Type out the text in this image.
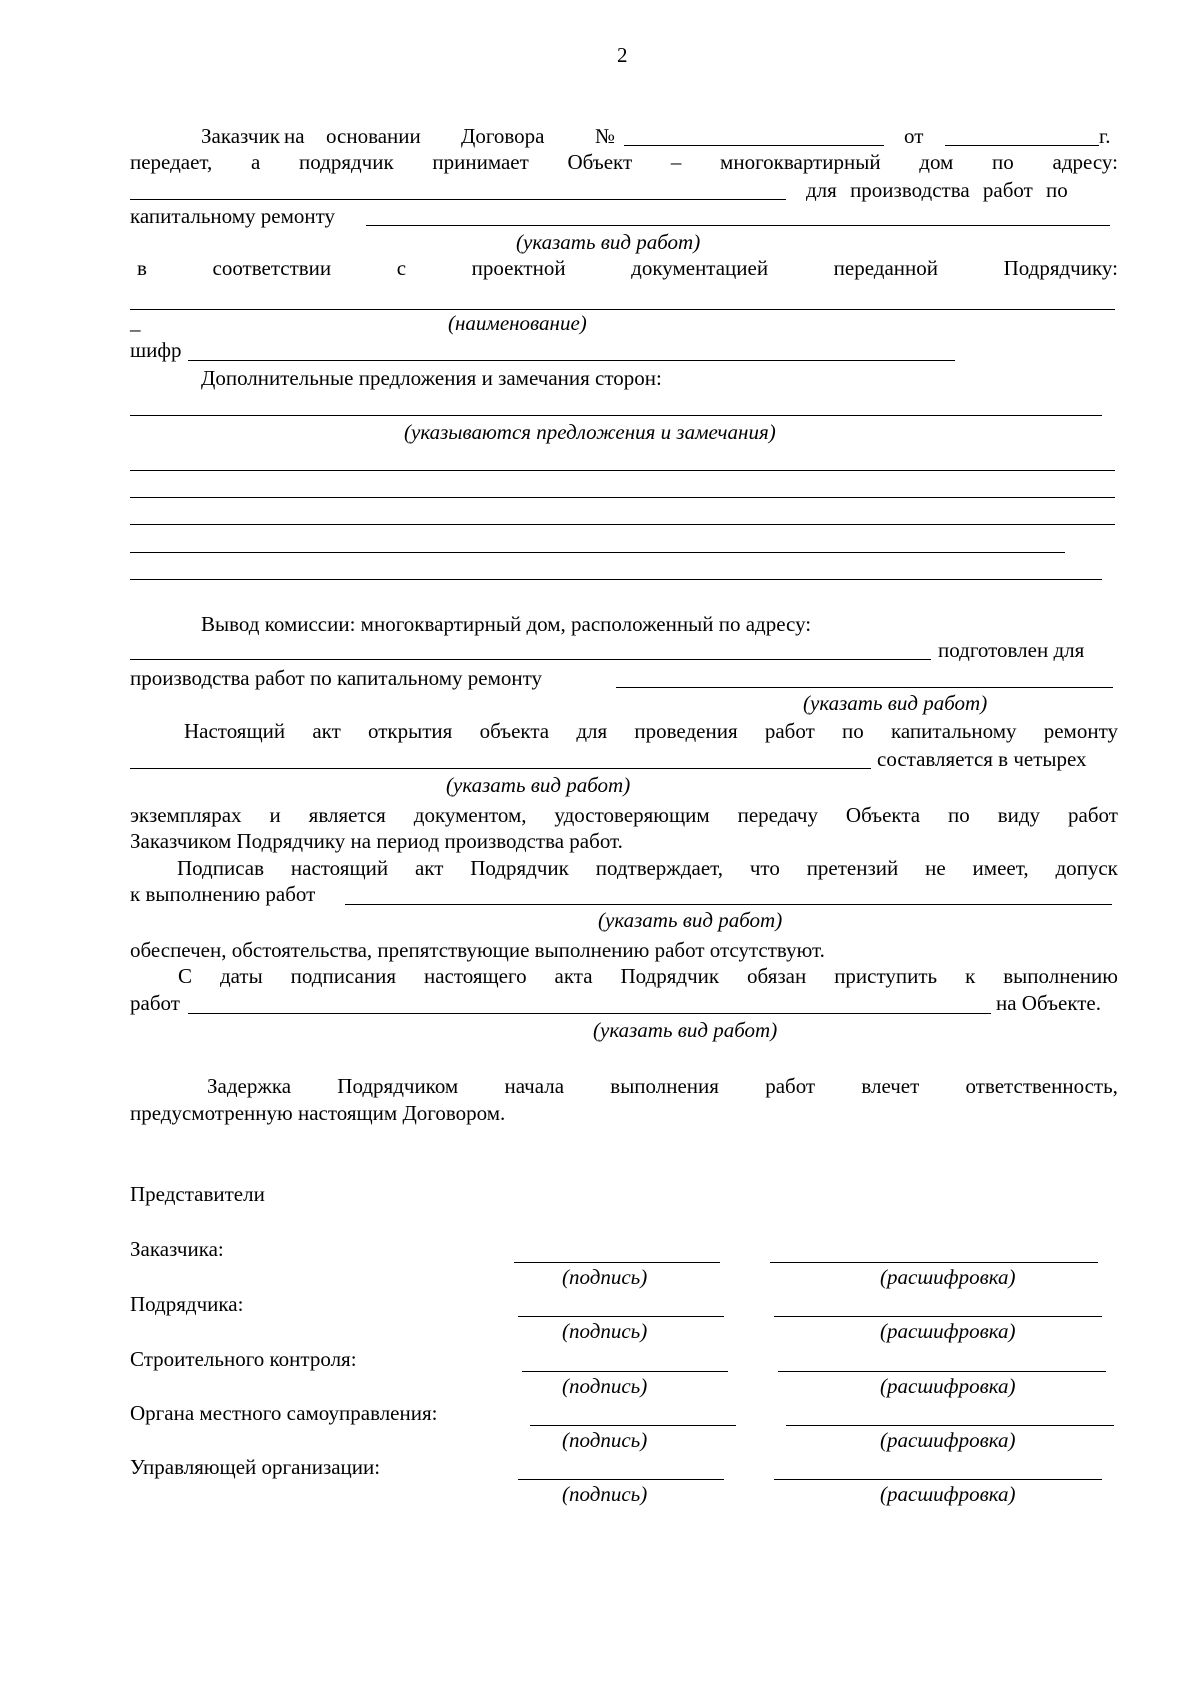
2
Заказчик на основании Договора №	от	г.
передает, а подрядчик принимает Объект – многоквартирный дом по адресу:
для производства работ по
капитальному ремонту
(указать вид работ)
в	соответствии	с	проектной	документацией	переданной	Подрядчику:
_	(наименование)
шифр
Дополнительные предложения и замечания сторон:
(указываются предложения и замечания)
Вывод комиссии: многоквартирный дом, расположенный по адресу:
подготовлен для
производства работ по капитальному ремонту
(указать вид работ)
Настоящий акт открытия объекта для проведения работ по капитальному ремонту
составляется в четырех
(указать вид работ)
экземплярах и является документом, удостоверяющим передачу Объекта по виду работ
Заказчиком Подрядчику на период производства работ.
Подписав настоящий акт Подрядчик подтверждает, что претензий не имеет, допуск
к выполнению работ
(указать вид работ)
обеспечен, обстоятельства, препятствующие выполнению работ отсутствуют.
С даты подписания настоящего акта Подрядчик обязан приступить к выполнению
работ	на Объекте.
(указать вид работ)
Задержка Подрядчиком начала выполнения работ влечет ответственность,
предусмотренную настоящим Договором.
Представители
Заказчика:
(подпись)	(расшифровка)
Подрядчика:
(подпись)	(расшифровка)
Строительного контроля:
(подпись)	(расшифровка)
Органа местного самоуправления:
(подпись)	(расшифровка)
Управляющей организации:
(подпись)	(расшифровка)
